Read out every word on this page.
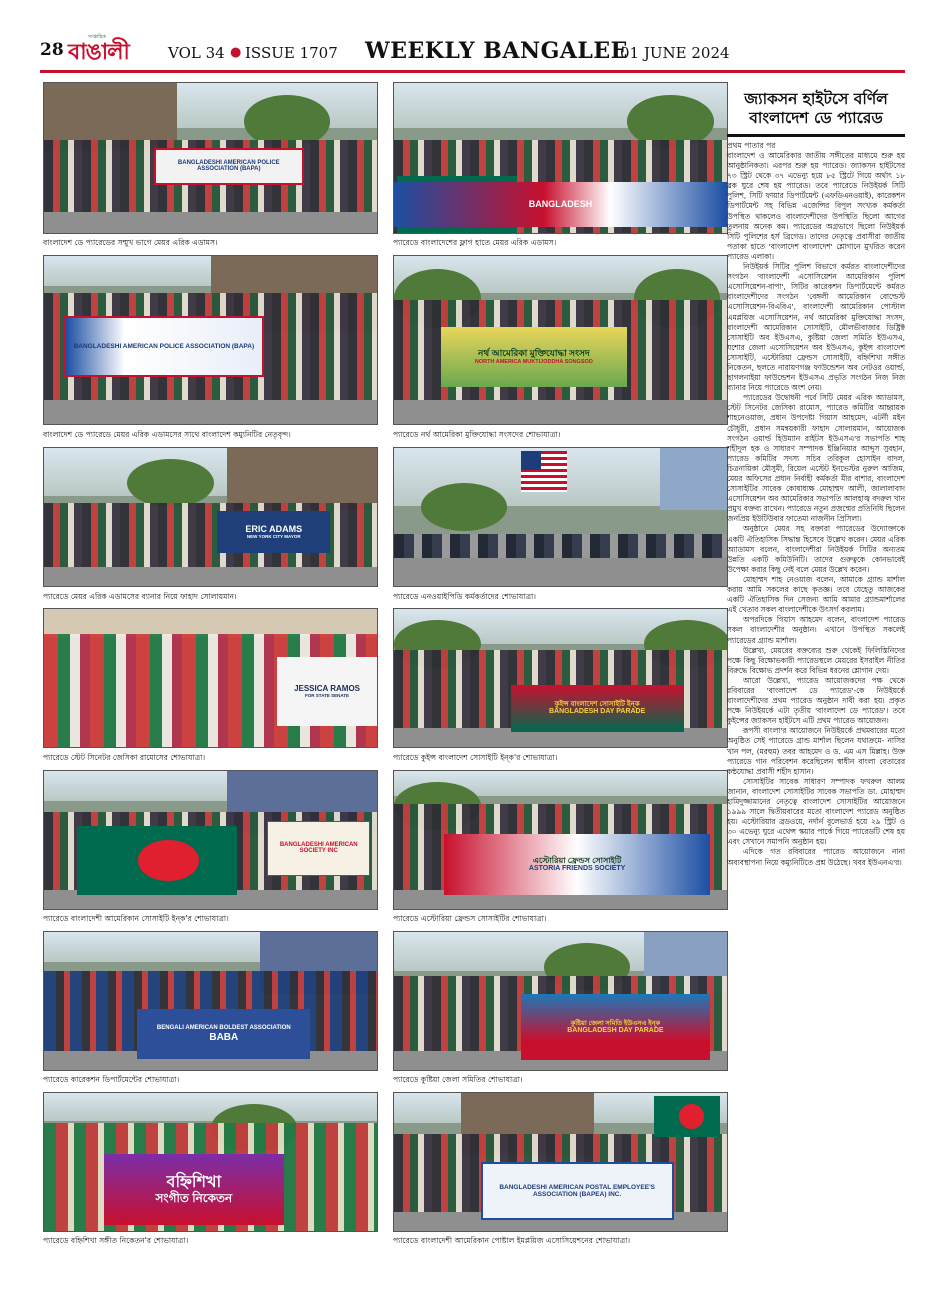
28
সাপ্তাহিক
বাঙালী	VOL 34 ● ISSUE 1707 WEEKLY BANGALEE
01 JUNE 2024
BANGLADESHI AMERICAN POLICE ASSOCIATION (BAPA)
বাংলাদেশ ডে প্যারেডের সম্মুখ ভাগে মেয়র এরিক এডামস।
BANGLADESH
প্যারেডে বাংলাদেশের ফ্লাগ হাতে মেয়র এরিক এডামস।
BANGLADESHI AMERICAN POLICE ASSOCIATION (BAPA)
বাংলাদেশ ডে প্যারেডে মেয়র এরিক এডামসের সাথে বাংলাদেশ কম্যুনিটির নেতৃবৃন্দ।
নর্থ আমেরিকা মুক্তিযোদ্ধা সংসদ
NORTH AMERICA MUKTIJODDHA SONGSOD
প্যারেডে নর্থ আমেরিকা মুক্তিযোদ্ধা সংসদের শোভাযাত্রা।
ERIC ADAMS
NEW YORK CITY MAYOR
প্যারেডে মেয়র এরিক এডামসের ব্যানার নিয়ে ফাহাদ সোলায়মান।	প্যারেডে এনওয়াইপিডি কর্মকর্তাদের শোভাযাত্রা।
JESSICA RAMOS
FOR STATE SENATE
প্যারেডে স্টেট সিনেটর জেসিকা রামোসের শোভাযাত্রা।
কুইন্স বাংলাদেশ সোসাইটি ইন্ক
BANGLADESH DAY PARADE
প্যারেডে কুইন্স বাংলাদেশ সোসাইটি ইন্ক'র শোভাযাত্রা।
BANGLADESHI AMERICAN SOCIETY INC
প্যারেডে বাংলাদেশী আমেরিকান সোসাইটি ইন্ক'র শোভাযাত্রা।
এস্টোরিয়া ফ্রেন্ডস সোসাইটি
ASTORIA FRIENDS SOCIETY
প্যারেডে এস্টোরিয়া ফ্রেন্ডস সোসাইটির শোভাযাত্রা।
BENGALI AMERICAN BOLDEST ASSOCIATION
BABA
প্যারেডে কারেকশন ডিপার্টমেন্টের শোভাযাত্রা।
কুষ্টিয়া জেলা সমিতি ইউএসএ ইন্ক
BANGLADESH DAY PARADE
প্যারেডে কুষ্টিয়া জেলা সমিতির শোভাযাত্রা।
বহ্নিশিখা
সংগীত নিকেতন
প্যারেডে বহ্নিশিখা সঙ্গীত নিকেতন'র শোভাযাত্রা।
BANGLADESHI AMERICAN POSTAL EMPLOYEE'S ASSOCIATION (BAPEA) INC.
প্যারেডে বাংলাদেশী আমেরিকান পোষ্টাল ইমপ্লয়িজ এসোসিয়েশনের শোভাযাত্রা।
জ্যাকসন হাইটসে বর্ণিল
বাংলাদেশ ডে প্যারেড
প্রথম পাতার পর

বাংলাদেশ ও আমেরিকার জাতীয় সঙ্গীতের মাধ্যমে শুরু হয় আনুষ্ঠানিকতা। এরপর শুরু হয় প্যারেড। জ্যাকসন হাইটসের ৭৩ স্ট্রিট থেকে ৩৭ এভেন্যু হয়ে ৮৫ স্ট্রিটে গিয়ে অর্থাৎ ১৮ ব্লক ঘুরে শেষ হয় প্যারেড। তবে প্যারেডে নিউইয়র্ক সিটি পুলিশ, সিটি ফায়ার ডিপার্টমেন্ট (এফডিএনওয়াই), কারেকশন ডিপার্টমেন্ট সহ বিভিন্ন এজেন্সির বিপুল সংখ্যক কর্মকর্তা উপস্থিত থাকলেও বাংলাদেশীদের উপস্থিতি ছিলো আগের তুলনায় অনেক কম। প্যারেডের অগ্রভাগে ছিলো নিউইয়র্ক সিটি পুলিশের হর্স ব্রিগেড। তাদের নেতৃত্বে প্রবাসীরা জাতীয় পতাকা হাতে 'বাংলাদেশ বাংলাদেশ' শ্লোগানে মুখরিত করেন প্যারেড এলাকা।

নিউইয়র্ক সিটির পুলিশ বিভাগে কর্মরত বাংলাদেশীদের সংগঠন 'বাংলাদেশী এসোসিয়েশন আমেরিকান পুলিশ এসোসিয়েশন-বাপা', সিটির কারেকশন ডিপার্টমেন্টে কর্মরত বাংলাদেশীদের সংগঠন 'বেঙ্গলী আমেরিকান বোল্ডেস্ট এসোসিয়েশন-বিএবিএ', বাংলাদেশী আমেরিকান পোস্টাল এমপ্লয়িজ এসোসিয়েশন, নর্থ আমেরিকা মুক্তিযোদ্ধা সংসদ, বাংলাদেশী আমেরিকান সোসাইটি, মৌলভীবাজার ডিষ্ট্রিক্ট সোসাইটি অব ইউএসএ, কুষ্টিয়া জেলা সমিতি ইউএসএ, যশোর জেলা এসোসিয়েশন অব ইউএসএ, কুইন্স বাংলাদেশ সোসাইটি, এস্টোরিয়া ফ্রেন্ডস সোসাইটি, বহ্নিশিখা সঙ্গীত নিকেতন, ছলতে নারায়ণগঞ্জ ফাউন্ডেশন অব নেটওর ওয়ার্ল্ড, ছাগলনাইয়া ফাউন্ডেশন ইউএসএ প্রভৃতি সংগঠন নিজ নিজ ব্যানার নিয়ে প্যারেডে অংশ নেয়।

প্যারেডের উদ্বোধনী পর্বে সিটি মেয়র এরিক অ্যাডামস, স্টেট সিনেটর জেসিকা রামোস, প্যারেড কমিটির আহ্বায়ক শাহনেওয়াজ, প্রধান উপদেষ্টা গিয়াস আহমেদ, এটর্নী মইন চৌধুরী, প্রধান সমন্বয়কারী ফাহাদ সোলায়মান, আয়োজক সংগঠন ওয়ার্ল্ড হিউম্যান রাইটস ইউএসএ'র সভাপতি শাহ শহীদুল হক ও সাধারণ সম্পাদক ইঞ্জিনিয়ার আব্দুস সুবহান, প্যারেড কমিটির সদস্য সচিব তরিকুল হোসাইন বাদল, চিত্রনায়িকা মৌসুমী, রিয়েল এস্টেট ইনভেস্টর নুরুল আজিম, মেয়র অফিসের প্রধান নির্বাহী কর্মকর্তা মীর বাশার, বাংলাদেশ সোসাইটির সাবেক কোষাধ্যক্ষ মোহাম্মদ আলী, জালালাবাদ এসোসিয়েশন অব আমেরিকার সভাপতি আলহাজ্ব বদরুল খান প্রমুখ বক্তব্য রাখেন। প্যারেডে নতুন প্রজন্মের প্রতিনিধি ছিলেন জনপ্রিয় ইউটিউবার ফাতেমা নাজনীন প্রিসিলা।

অনুষ্ঠানে মেয়র সহ বক্তারা প্যারেডের উদ্যোক্তাকে একটি ঐতিহাসিক সিদ্ধান্ত হিসেবে উল্লেখ করেন। মেয়র এরিক অ্যাডামস বলেন, বাংলাদেশীরা নিউইয়র্ক সিটির অন্যতম উন্নতি একটি কমিউনিটি। তাদের গুরুত্বকে কোনভাবেই উপেক্ষা করার কিছু নেই বলে মেয়র উল্লেখ করেন।

মোহাম্মদ শাহ নেওয়াজ বলেন, আমাকে গ্র্যান্ড মার্শাল করায় আমি সকলের কাছে কৃতজ্ঞ। তবে যেহেতু আজকের একটি ঐতিহাসিক দিন সেজন্য আমি আমার গ্র্যান্ডমার্শালের এই খেতাব সকল বাংলাদেশীকে উৎসর্গ করলাম।

অপরদিকে গিয়াস আহমেদ বলেন, বাংলাদেশ প্যারেড সকল বাংলাদেশীর অনুষ্ঠান। এখানে উপস্থিত সকলেই প্যারেডের গ্র্যান্ড মার্শাল।

উল্লেখ্য, মেয়রের বক্তব্যের শুরু থেকেই ফিলিস্তিনিদের পক্ষে কিছু বিক্ষোভকারী প্যারেডস্থলে মেয়রের ইসরাইল নীতির বিরুদ্ধে বিক্ষোভ প্রদর্শন করে বিভিন্ন ধরনের শ্লোগান দেয়।

আরো উল্লেখ্য, প্যারেড আয়োজকদের পক্ষ থেকে রবিবারের 'বাংলাদেশ ডে প্যারেড'-কে নিউইয়র্কে বাংলাদেশীদের প্রথম প্যারেড অনুষ্ঠান দাবী করা হয়। প্রকৃত পক্ষে নিউইয়র্কে এটা তৃতীয় 'বাংলাদেশ ডে প্যারেড'। তবে কুইন্সের জ্যাকসন হাইটসে এটি প্রথম প্যারেড আয়োজন।

রূপসী বাংলা'র আয়োজনে নিউইয়র্কে প্রথমবারের মতো অনুষ্ঠিত সেই প্যারেডে গ্রান্ড মার্শাল ছিলেন যথাক্রমে- নাসির খান পল, (মরহুম) তবর আহমেদ ও ড. এম এস মিল্লাহ। উক্ত প্যারেডে গান পরিবেশন করেছিলেন স্বাধীন বাংলা বেতারের কন্ঠযোদ্ধা প্রবাসী শহীদ হাসান।

সোসাইটির সাবেক সাধারণ সম্পাদক ফখরুল আলম জানান, বাংলাদেশ সোসাইটির সাবেক সভাপতি ডা. মোহাম্মদ হামিদুজ্জামানের নেতৃত্বে বাংলাদেশ সোসাইটির আয়োজনে ১৯৯৯ সালে দ্বিতীয়বারের মতো বাংলাদেশ প্যারেড অনুষ্ঠিত হয়। এস্টোরিয়ার ব্রডওয়ে, নর্দার্ন বুলেভার্ড হয়ে ২৯ স্ট্রিট ও ৩০ এভেন্যু ঘুরে এথেন্স স্কয়ার পার্কে গিয়ে প্যারেডটি শেষ হয় এবং সেখানে সমাপনি অনুষ্ঠান হয়।

এদিকে গত রবিবারের প্যারেড আয়োজনে নানা অব্যবস্থাপনা নিয়ে কম্যুনিটিতে প্রশ্ন উঠেছে। খবর ইউএনএ'র।
